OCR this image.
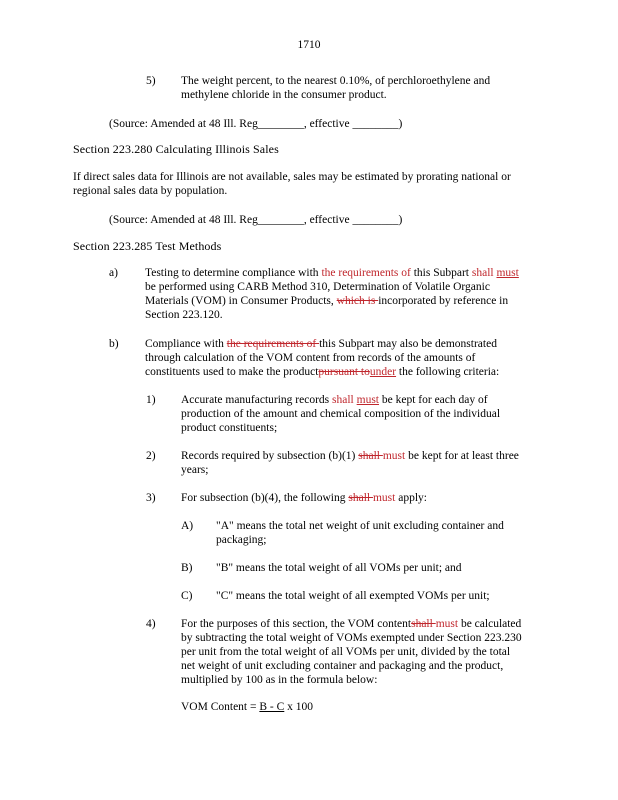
1710
5) The weight percent, to the nearest 0.10%, of perchloroethylene and methylene chloride in the consumer product.
(Source: Amended at 48 Ill. Reg________, effective ________)
Section 223.280 Calculating Illinois Sales
If direct sales data for Illinois are not available, sales may be estimated by prorating national or regional sales data by population.
(Source: Amended at 48 Ill. Reg________, effective ________)
Section 223.285 Test Methods
a) Testing to determine compliance with the requirements of this Subpart shall must
be performed using CARB Method 310, Determination of Volatile Organic
Materials (VOM) in Consumer Products, which is incorporated by reference in
Section 223.120.
b) Compliance with the requirements of this Subpart may also be demonstrated
through calculation of the VOM content from records of the amounts of
constituents used to make the productpursuant tounder the following criteria:
1) Accurate manufacturing records shall must be kept for each day of
production of the amount and chemical composition of the individual
product constituents;
2) Records required by subsection (b)(1) shall must be kept for at least three
years;
3) For subsection (b)(4), the following shall must apply:
A) "A" means the total net weight of unit excluding container and
packaging;
B) "B" means the total weight of all VOMs per unit; and
C) "C" means the total weight of all exempted VOMs per unit;
4) For the purposes of this section, the VOM contentshall must be calculated
by subtracting the total weight of VOMs exempted under Section 223.230
per unit from the total weight of all VOMs per unit, divided by the total
net weight of unit excluding container and packaging and the product,
multiplied by 100 as in the formula below:
VOM Content = B - C x 100
